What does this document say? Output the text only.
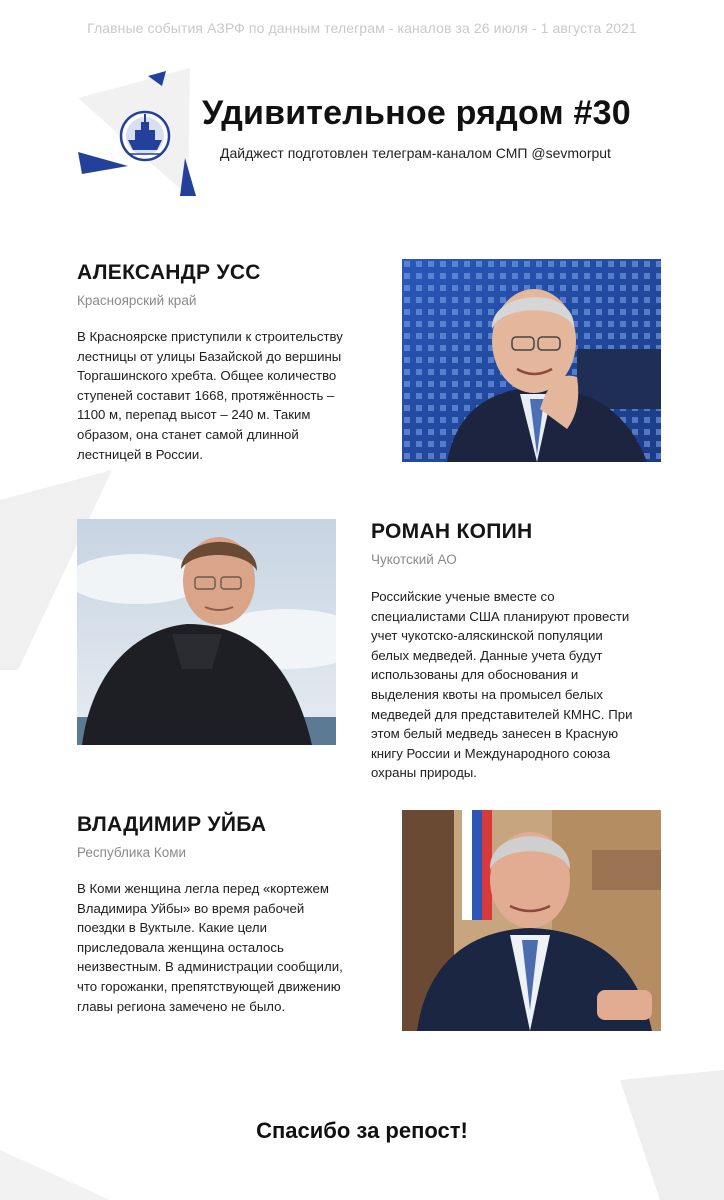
Главные события АЗРФ по данным телеграм - каналов за 26 июля - 1 августа 2021
Удивительное рядом #30
Дайджест подготовлен телеграм-каналом СМП @sevmorput
АЛЕКСАНДР УСС
Красноярский край
В Красноярске приступили к строительству
лестницы от улицы Базайской до вершины
Торгашинского хребта. Общее количество
ступеней составит 1668, протяжённость –
1100 м, перепад высот – 240 м. Таким
образом, она станет самой длинной
лестницей в России.
РОМАН КОПИН
Чукотский АО
Российские ученые вместе со
специалистами США планируют провести
учет чукотско-аляскинской популяции
белых медведей. Данные учета будут
использованы для обоснования и
выделения квоты на промысел белых
медведей для представителей КМНС. При
этом белый медведь занесен в Красную
книгу России и Международного союза
охраны природы.
ВЛАДИМИР УЙБА
Республика Коми
В Коми женщина легла перед «кортежем
Владимира Уйбы» во время рабочей
поездки в Вуктыле. Какие цели
приследовала женщина осталось
неизвестным. В администрации сообщили,
что горожанки, препятствующей движению
главы региона замечено не было.
Спасибо за репост!
